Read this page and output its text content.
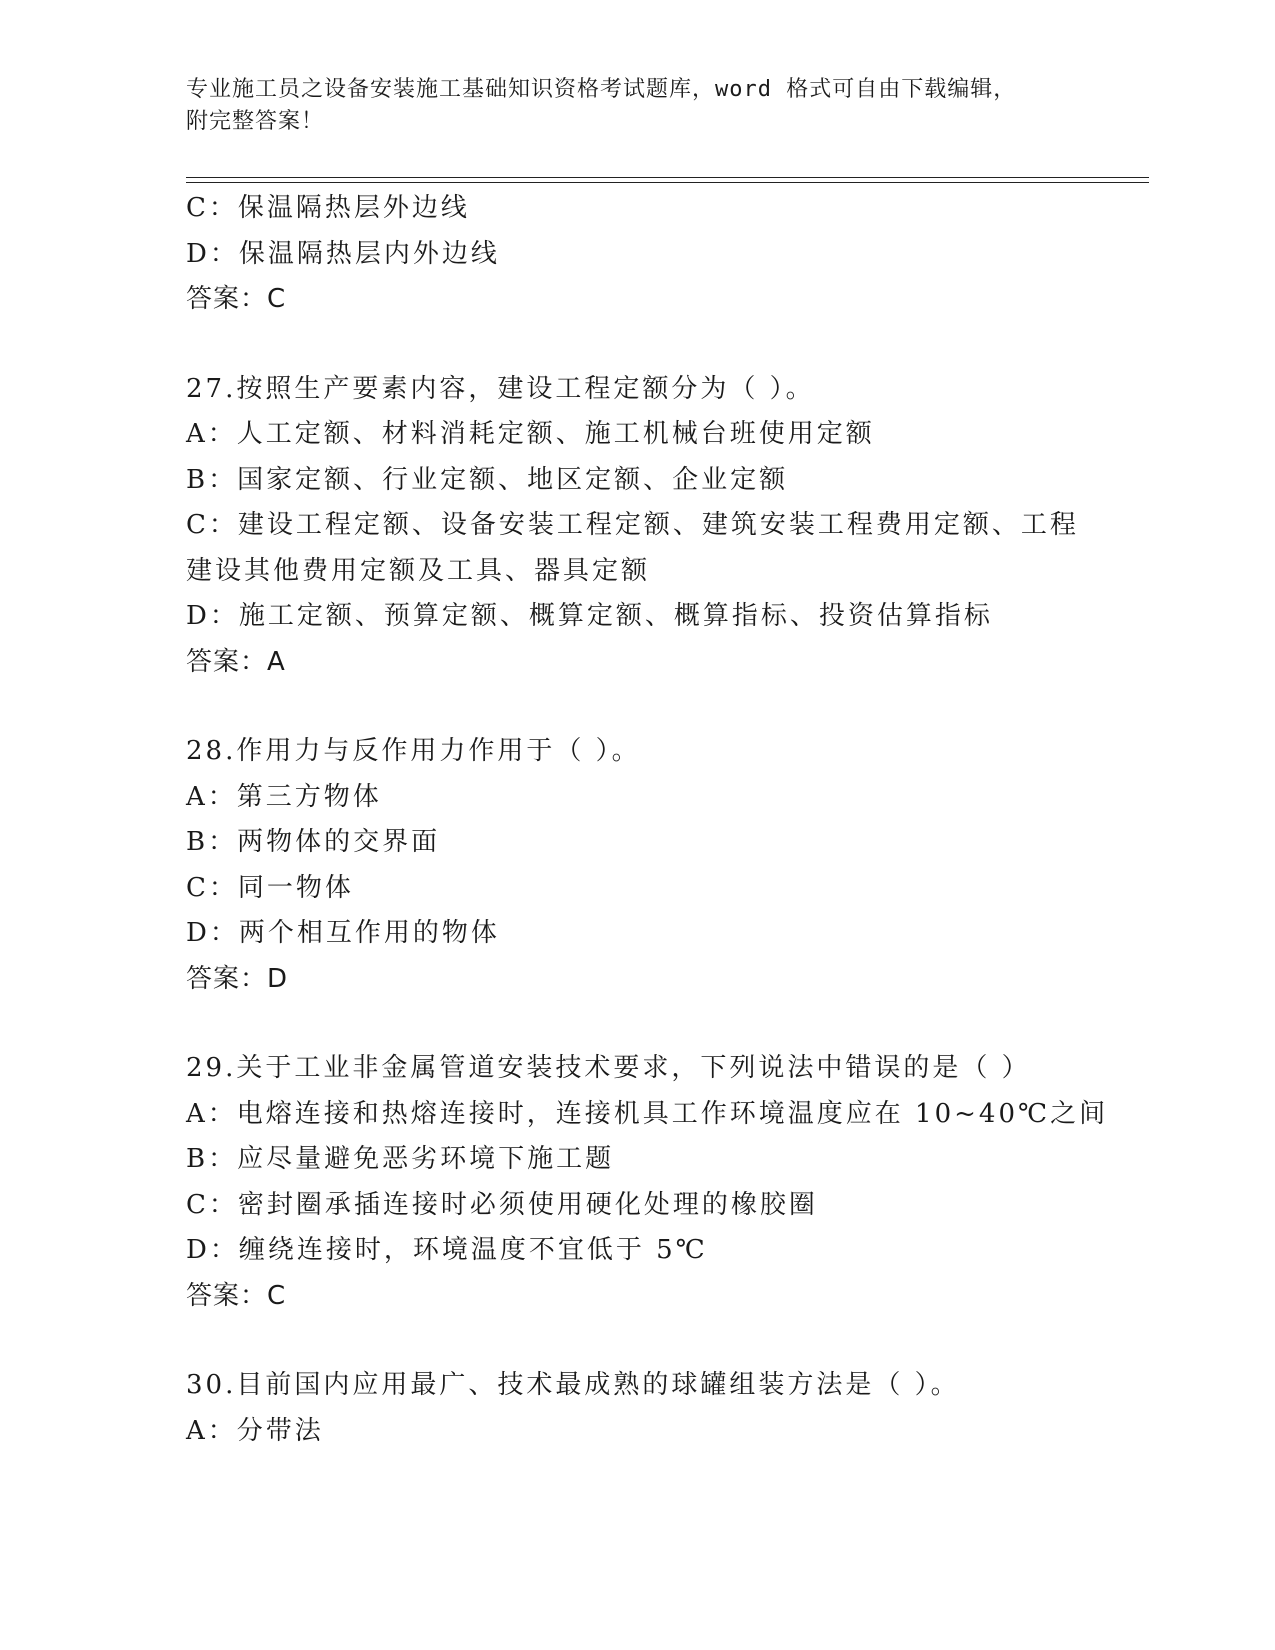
专业施工员之设备安装施工基础知识资格考试题库，word 格式可自由下载编辑，
附完整答案！
C：保温隔热层外边线
D：保温隔热层内外边线
答案：C
27.按照生产要素内容，建设工程定额分为（ ）。
A：人工定额、材料消耗定额、施工机械台班使用定额
B：国家定额、行业定额、地区定额、企业定额
C：建设工程定额、设备安装工程定额、建筑安装工程费用定额、工程
建设其他费用定额及工具、器具定额
D：施工定额、预算定额、概算定额、概算指标、投资估算指标
答案：A
28.作用力与反作用力作用于（ ）。
A：第三方物体
B：两物体的交界面
C：同一物体
D：两个相互作用的物体
答案：D
29.关于工业非金属管道安装技术要求，下列说法中错误的是（ ）
A：电熔连接和热熔连接时，连接机具工作环境温度应在 10~40℃之间
B：应尽量避免恶劣环境下施工题
C：密封圈承插连接时必须使用硬化处理的橡胶圈
D：缠绕连接时，环境温度不宜低于 5℃
答案：C
30.目前国内应用最广、技术最成熟的球罐组装方法是（ ）。
A：分带法
